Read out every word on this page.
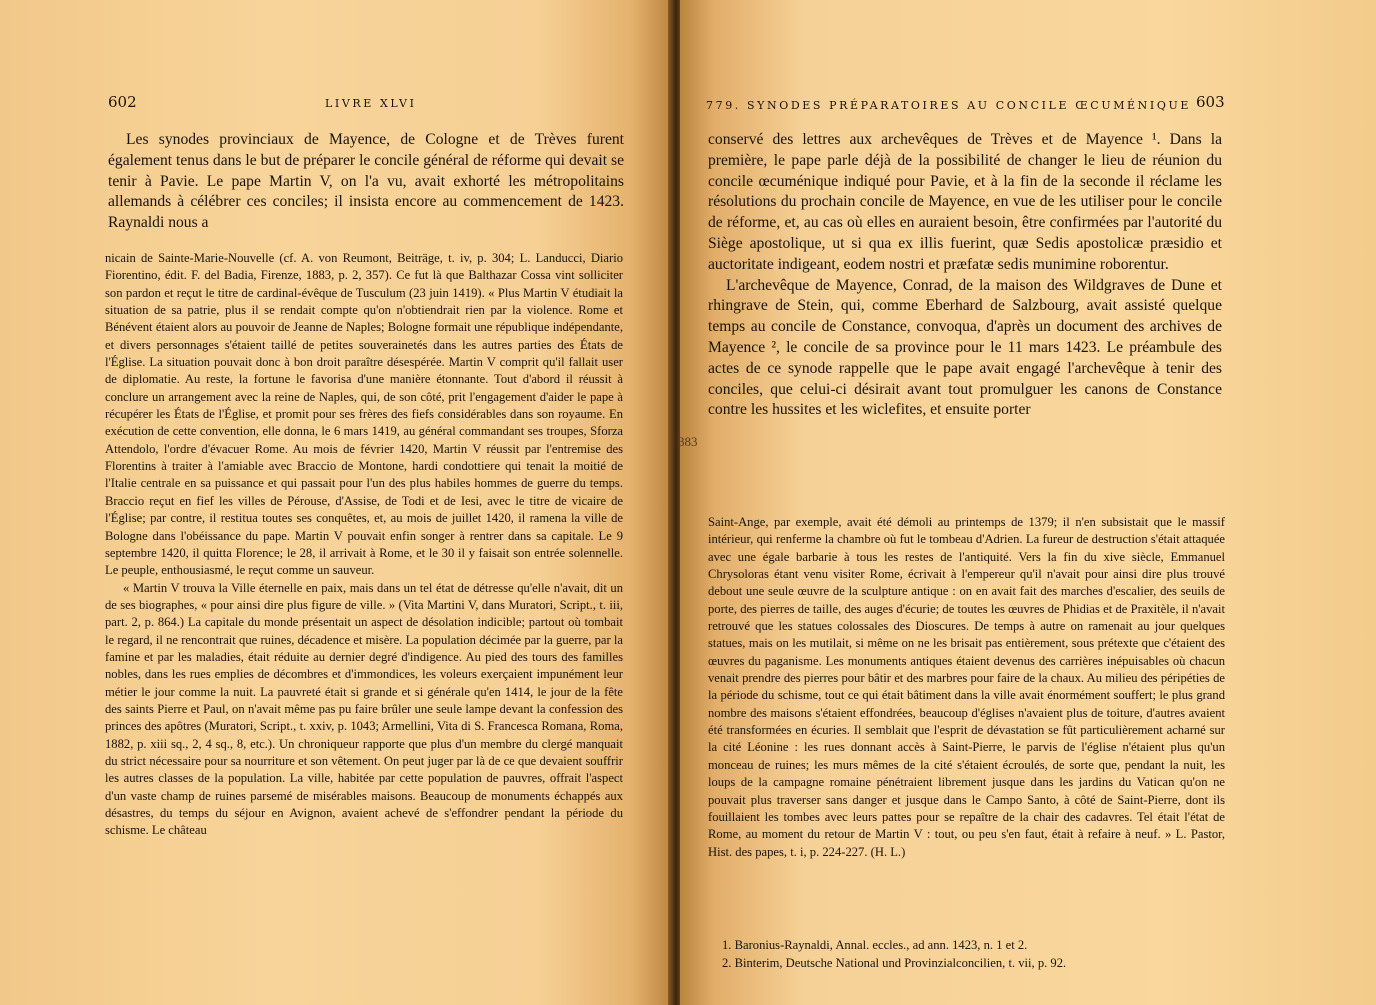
602	LIVRE XLVI

Les synodes provinciaux de Mayence, de Cologne et de Trèves furent également tenus dans le but de préparer le concile général de réforme qui devait se tenir à Pavie. Le pape Martin V, on l'a vu, avait exhorté les métropolitains allemands à célébrer ces conciles; il insista encore au commencement de 1423. Raynaldi nous a

nicain de Sainte-Marie-Nouvelle (cf. A. von Reumont, Beiträge, t. iv, p. 304; L. Landucci, Diario Fiorentino, édit. F. del Badia, Firenze, 1883, p. 2, 357). Ce fut là que Balthazar Cossa vint solliciter son pardon et reçut le titre de cardinal-évêque de Tusculum (23 juin 1419). « Plus Martin V étudiait la situation de sa patrie, plus il se rendait compte qu'on n'obtiendrait rien par la violence. Rome et Bénévent étaient alors au pouvoir de Jeanne de Naples; Bologne formait une république indépendante, et divers personnages s'étaient taillé de petites souverainetés dans les autres parties des États de l'Église. La situation pouvait donc à bon droit paraître désespérée. Martin V comprit qu'il fallait user de diplomatie. Au reste, la fortune le favorisa d'une manière étonnante. Tout d'abord il réussit à conclure un arrangement avec la reine de Naples, qui, de son côté, prit l'engagement d'aider le pape à récupérer les États de l'Église, et promit pour ses frères des fiefs considérables dans son royaume. En exécution de cette convention, elle donna, le 6 mars 1419, au général commandant ses troupes, Sforza Attendolo, l'ordre d'évacuer Rome. Au mois de février 1420, Martin V réussit par l'entremise des Florentins à traiter à l'amiable avec Braccio de Montone, hardi condottiere qui tenait la moitié de l'Italie centrale en sa puissance et qui passait pour l'un des plus habiles hommes de guerre du temps. Braccio reçut en fief les villes de Pérouse, d'Assise, de Todi et de Iesi, avec le titre de vicaire de l'Église; par contre, il restitua toutes ses conquêtes, et, au mois de juillet 1420, il ramena la ville de Bologne dans l'obéissance du pape. Martin V pouvait enfin songer à rentrer dans sa capitale. Le 9 septembre 1420, il quitta Florence; le 28, il arrivait à Rome, et le 30 il y faisait son entrée solennelle. Le peuple, enthousiasmé, le reçut comme un sauveur.
« Martin V trouva la Ville éternelle en paix, mais dans un tel état de détresse qu'elle n'avait, dit un de ses biographes, « pour ainsi dire plus figure de ville. » (Vita Martini V, dans Muratori, Script., t. iii, part. 2, p. 864.) La capitale du monde présentait un aspect de désolation indicible; partout où tombait le regard, il ne rencontrait que ruines, décadence et misère. La population décimée par la guerre, par la famine et par les maladies, était réduite au dernier degré d'indigence. Au pied des tours des familles nobles, dans les rues emplies de décombres et d'immondices, les voleurs exerçaient impunément leur métier le jour comme la nuit. La pauvreté était si grande et si générale qu'en 1414, le jour de la fête des saints Pierre et Paul, on n'avait même pas pu faire brûler une seule lampe devant la confession des princes des apôtres (Muratori, Script., t. xxiv, p. 1043; Armellini, Vita di S. Francesca Romana, Roma, 1882, p. xiii sq., 2, 4 sq., 8, etc.). Un chroniqueur rapporte que plus d'un membre du clergé manquait du strict nécessaire pour sa nourriture et son vêtement. On peut juger par là de ce que devaient souffrir les autres classes de la population. La ville, habitée par cette population de pauvres, offrait l'aspect d'un vaste champ de ruines parsemé de misérables maisons. Beaucoup de monuments échappés aux désastres, du temps du séjour en Avignon, avaient achevé de s'effondrer pendant la période du schisme. Le château
779. SYNODES PRÉPARATOIRES AU CONCILE ŒCUMÉNIQUE 603
conservé des lettres aux archevêques de Trèves et de Mayence ¹. Dans la première, le pape parle déjà de la possibilité de changer le lieu de réunion du concile œcuménique indiqué pour Pavie, et à la fin de la seconde il réclame les résolutions du prochain concile de Mayence, en vue de les utiliser pour le concile de réforme, et, au cas où elles en auraient besoin, être confirmées par l'autorité du Siège apostolique, ut si qua ex illis fuerint, quæ Sedis apostolicæ præsidio et auctoritate indigeant, eodem nostri et præfatæ sedis munimine roborentur.
L'archevêque de Mayence, Conrad, de la maison des Wildgraves de Dune et rhingrave de Stein, qui, comme Eberhard de Salzbourg, avait assisté quelque temps au concile de Constance, convoqua, d'après un document des archives de Mayence ², le concile de sa province pour le 11 mars 1423. Le préambule des actes de ce synode rappelle que le pape avait engagé l'archevêque à tenir des conciles, que celui-ci désirait avant tout promulguer les canons de Constance contre les hussites et les wiclefites, et ensuite porter
383

Saint-Ange, par exemple, avait été démoli au printemps de 1379; il n'en subsistait que le massif intérieur, qui renferme la chambre où fut le tombeau d'Adrien. La fureur de destruction s'était attaquée avec une égale barbarie à tous les restes de l'antiquité. Vers la fin du xive siècle, Emmanuel Chrysoloras étant venu visiter Rome, écrivait à l'empereur qu'il n'avait pour ainsi dire plus trouvé debout une seule œuvre de la sculpture antique : on en avait fait des marches d'escalier, des seuils de porte, des pierres de taille, des auges d'écurie; de toutes les œuvres de Phidias et de Praxitèle, il n'avait retrouvé que les statues colossales des Dioscures. De temps à autre on ramenait au jour quelques statues, mais on les mutilait, si même on ne les brisait pas entièrement, sous prétexte que c'étaient des œuvres du paganisme. Les monuments antiques étaient devenus des carrières inépuisables où chacun venait prendre des pierres pour bâtir et des marbres pour faire de la chaux. Au milieu des péripéties de la période du schisme, tout ce qui était bâtiment dans la ville avait énormément souffert; le plus grand nombre des maisons s'étaient effondrées, beaucoup d'églises n'avaient plus de toiture, d'autres avaient été transformées en écuries. Il semblait que l'esprit de dévastation se fût particulièrement acharné sur la cité Léonine : les rues donnant accès à Saint-Pierre, le parvis de l'église n'étaient plus qu'un monceau de ruines; les murs mêmes de la cité s'étaient écroulés, de sorte que, pendant la nuit, les loups de la campagne romaine pénétraient librement jusque dans les jardins du Vatican qu'on ne pouvait plus traverser sans danger et jusque dans le Campo Santo, à côté de Saint-Pierre, dont ils fouillaient les tombes avec leurs pattes pour se repaître de la chair des cadavres. Tel était l'état de Rome, au moment du retour de Martin V : tout, ou peu s'en faut, était à refaire à neuf. » L. Pastor, Hist. des papes, t. i, p. 224-227. (H. L.)

1. Baronius-Raynaldi, Annal. eccles., ad ann. 1423, n. 1 et 2.
2. Binterim, Deutsche National und Provinzialconcilien, t. vii, p. 92.
